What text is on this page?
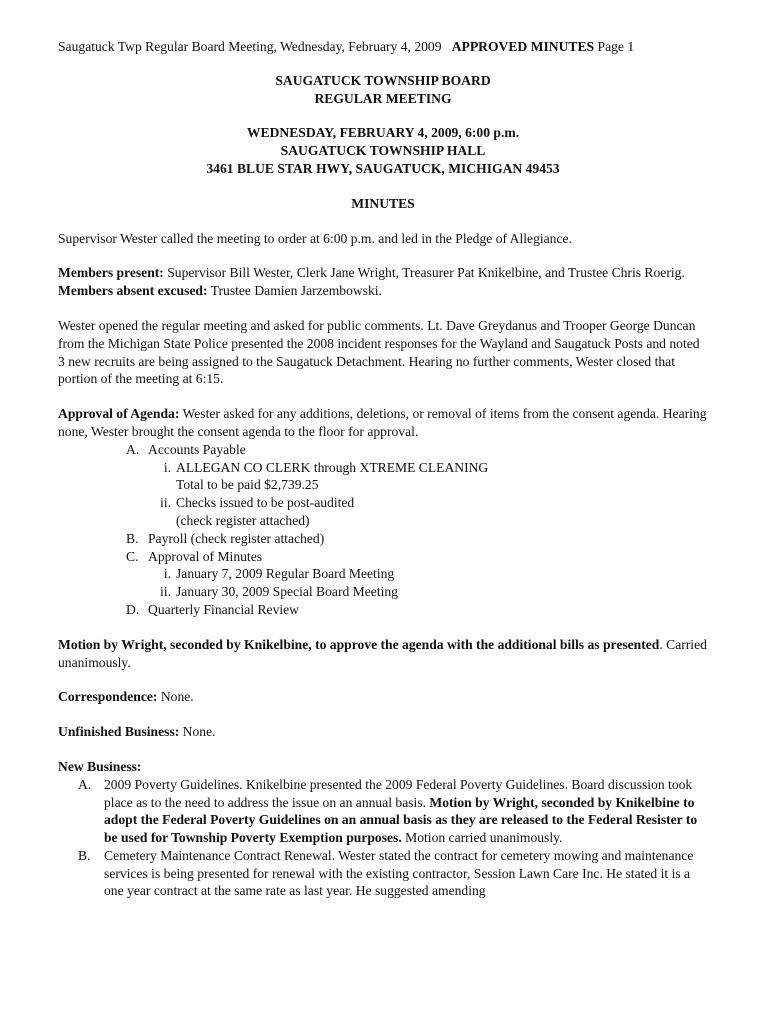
Saugatuck Twp Regular Board Meeting, Wednesday, February 4, 2009 APPROVED MINUTES Page 1
SAUGATUCK TOWNSHIP BOARD
REGULAR MEETING
WEDNESDAY, FEBRUARY 4, 2009, 6:00 p.m.
SAUGATUCK TOWNSHIP HALL
3461 BLUE STAR HWY, SAUGATUCK, MICHIGAN 49453
MINUTES

Supervisor Wester called the meeting to order at 6:00 p.m. and led in the Pledge of Allegiance.

Members present: Supervisor Bill Wester, Clerk Jane Wright, Treasurer Pat Knikelbine, and Trustee Chris Roerig.

Members absent excused: Trustee Damien Jarzembowski.

Wester opened the regular meeting and asked for public comments. Lt. Dave Greydanus and Trooper George Duncan from the Michigan State Police presented the 2008 incident responses for the Wayland and Saugatuck Posts and noted 3 new recruits are being assigned to the Saugatuck Detachment. Hearing no further comments, Wester closed that portion of the meeting at 6:15.

Approval of Agenda: Wester asked for any additions, deletions, or removal of items from the consent agenda. Hearing none, Wester brought the consent agenda to the floor for approval.

A. Accounts Payable
i. ALLEGAN CO CLERK through XTREME CLEANING
Total to be paid $2,739.25
ii. Checks issued to be post-audited
(check register attached)
B. Payroll (check register attached)
C. Approval of Minutes
i. January 7, 2009 Regular Board Meeting
ii. January 30, 2009 Special Board Meeting
D. Quarterly Financial Review

Motion by Wright, seconded by Knikelbine, to approve the agenda with the additional bills as presented. Carried unanimously.

Correspondence: None.

Unfinished Business: None.

New Business:
A. 2009 Poverty Guidelines. Knikelbine presented the 2009 Federal Poverty Guidelines. Board discussion took place as to the need to address the issue on an annual basis. Motion by Wright, seconded by Knikelbine to adopt the Federal Poverty Guidelines on an annual basis as they are released to the Federal Resister to be used for Township Poverty Exemption purposes. Motion carried unanimously.
B. Cemetery Maintenance Contract Renewal. Wester stated the contract for cemetery mowing and maintenance services is being presented for renewal with the existing contractor, Session Lawn Care Inc. He stated it is a one year contract at the same rate as last year. He suggested amending
